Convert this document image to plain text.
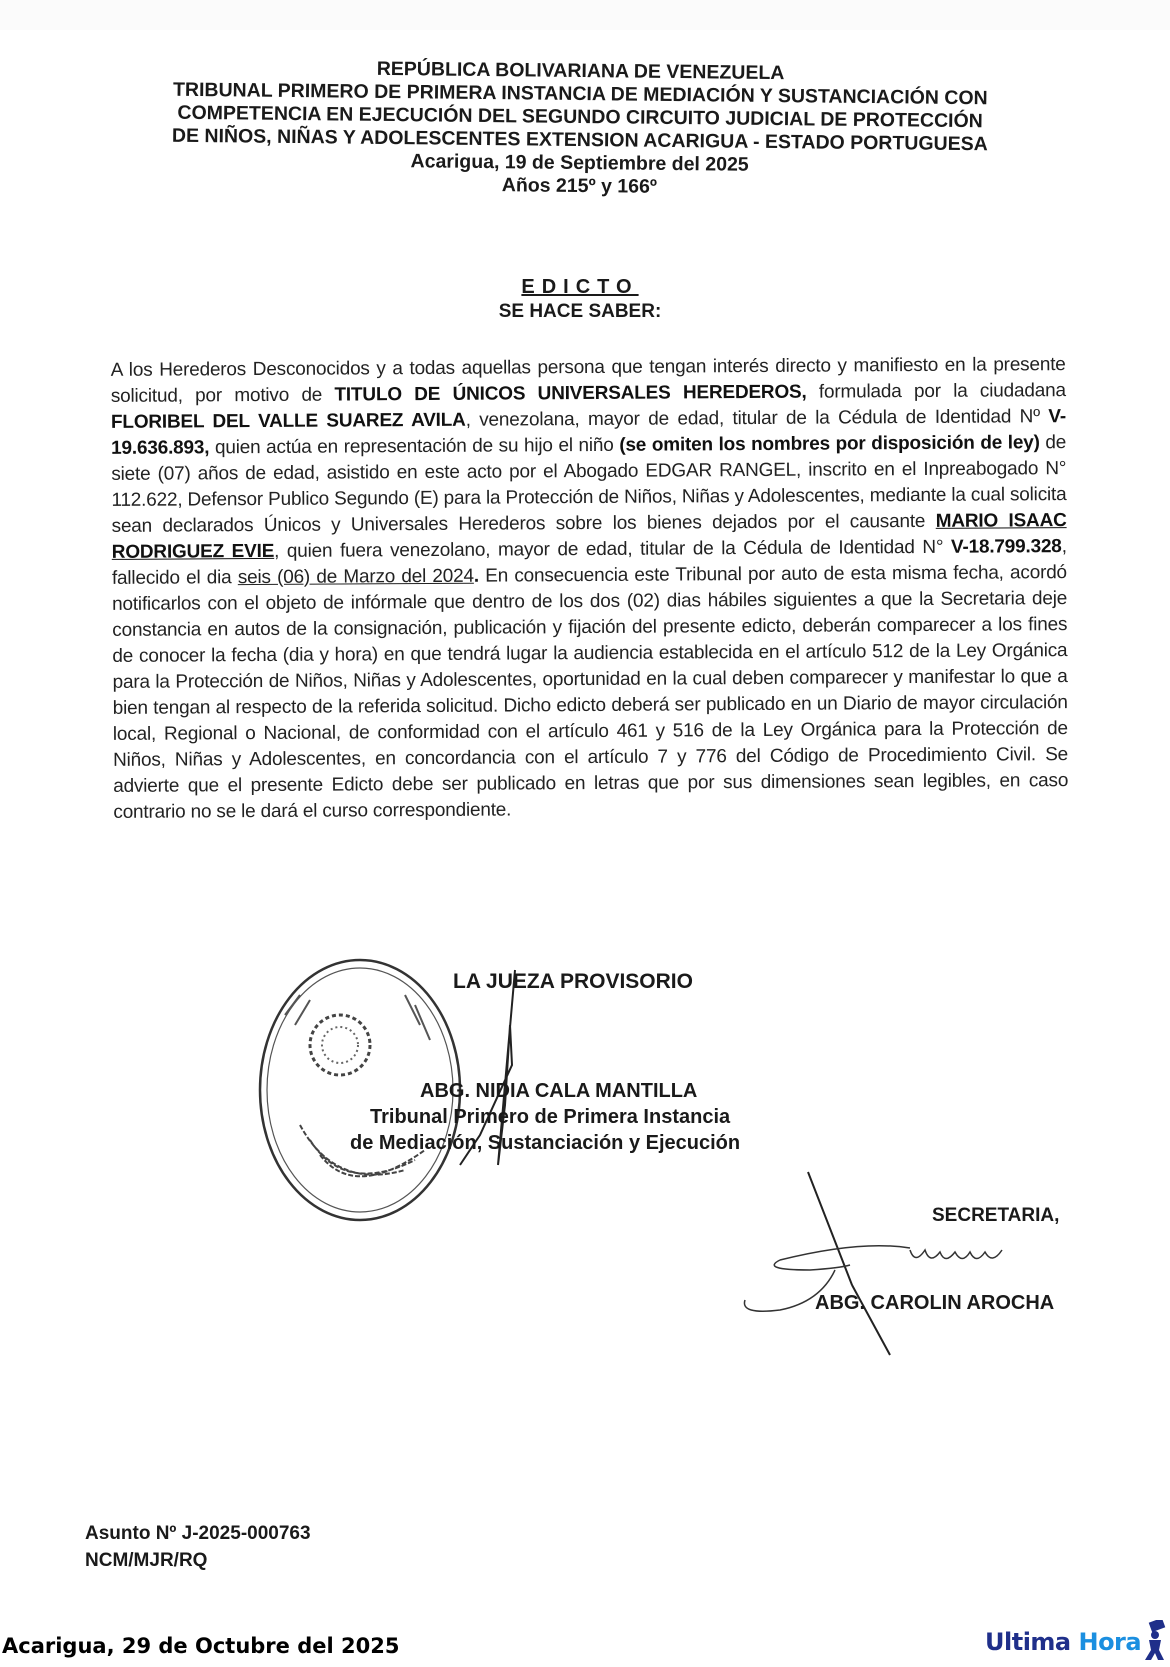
REPÚBLICA BOLIVARIANA DE VENEZUELA
TRIBUNAL PRIMERO DE PRIMERA INSTANCIA DE MEDIACIÓN Y SUSTANCIACIÓN CON
COMPETENCIA EN EJECUCIÓN DEL SEGUNDO CIRCUITO JUDICIAL DE PROTECCIÓN
DE NIÑOS, NIÑAS Y ADOLESCENTES EXTENSION ACARIGUA - ESTADO PORTUGUESA
Acarigua, 19 de Septiembre del 2025
Años 215º y 166º
EDICTO
SE HACE SABER:
A los Herederos Desconocidos y a todas aquellas persona que tengan interés directo y manifiesto en la presente solicitud, por motivo de TITULO DE ÚNICOS UNIVERSALES HEREDEROS, formulada por la ciudadana FLORIBEL DEL VALLE SUAREZ AVILA, venezolana, mayor de edad, titular de la Cédula de Identidad Nº V-19.636.893, quien actúa en representación de su hijo el niño (se omiten los nombres por disposición de ley) de siete (07) años de edad, asistido en este acto por el Abogado EDGAR RANGEL, inscrito en el Inpreabogado N° 112.622, Defensor Publico Segundo (E) para la Protección de Niños, Niñas y Adolescentes, mediante la cual solicita sean declarados Únicos y Universales Herederos sobre los bienes dejados por el causante MARIO ISAAC RODRIGUEZ EVIE, quien fuera venezolano, mayor de edad, titular de la Cédula de Identidad N° V-18.799.328, fallecido el dia seis (06) de Marzo del 2024. En consecuencia este Tribunal por auto de esta misma fecha, acordó notificarlos con el objeto de infórmale que dentro de los dos (02) dias hábiles siguientes a que la Secretaria deje constancia en autos de la consignación, publicación y fijación del presente edicto, deberán comparecer a los fines de conocer la fecha (dia y hora) en que tendrá lugar la audiencia establecida en el artículo 512 de la Ley Orgánica para la Protección de Niños, Niñas y Adolescentes, oportunidad en la cual deben comparecer y manifestar lo que a bien tengan al respecto de la referida solicitud. Dicho edicto deberá ser publicado en un Diario de mayor circulación local, Regional o Nacional, de conformidad con el artículo 461 y 516 de la Ley Orgánica para la Protección de Niños, Niñas y Adolescentes, en concordancia con el artículo 7 y 776 del Código de Procedimiento Civil. Se advierte que el presente Edicto debe ser publicado en letras que por sus dimensiones sean legibles, en caso contrario no se le dará el curso correspondiente.
LA JUEZA PROVISORIO
ABG. NIDIA CALA MANTILLA
Tribunal Primero de Primera Instancia
de Mediación, Sustanciación y Ejecución
SECRETARIA,
ABG. CAROLIN AROCHA
Asunto Nº J-2025-000763
NCM/MJR/RQ
Acarigua, 29 de Octubre del 2025	Ultima Hora
